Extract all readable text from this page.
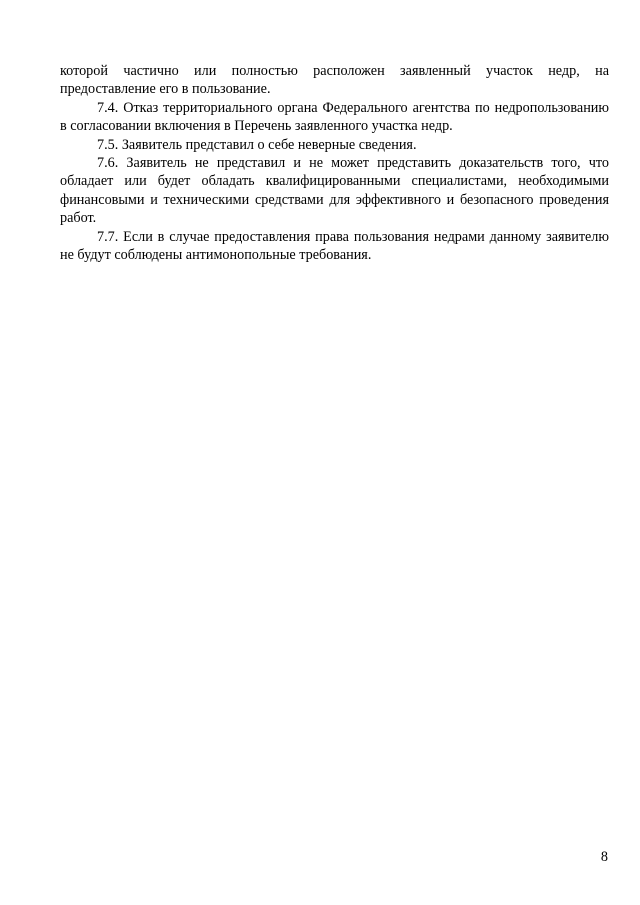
которой частично или полностью расположен заявленный участок недр, на предоставление его в пользование.

7.4. Отказ территориального органа Федерального агентства по недропользованию в согласовании включения в Перечень заявленного участка недр.

7.5. Заявитель представил о себе неверные сведения.

7.6. Заявитель не представил и не может представить доказательств того, что обладает или будет обладать квалифицированными специалистами, необходимыми финансовыми и техническими средствами для эффективного и безопасного проведения работ.

7.7. Если в случае предоставления права пользования недрами данному заявителю не будут соблюдены антимонопольные требования.

8
